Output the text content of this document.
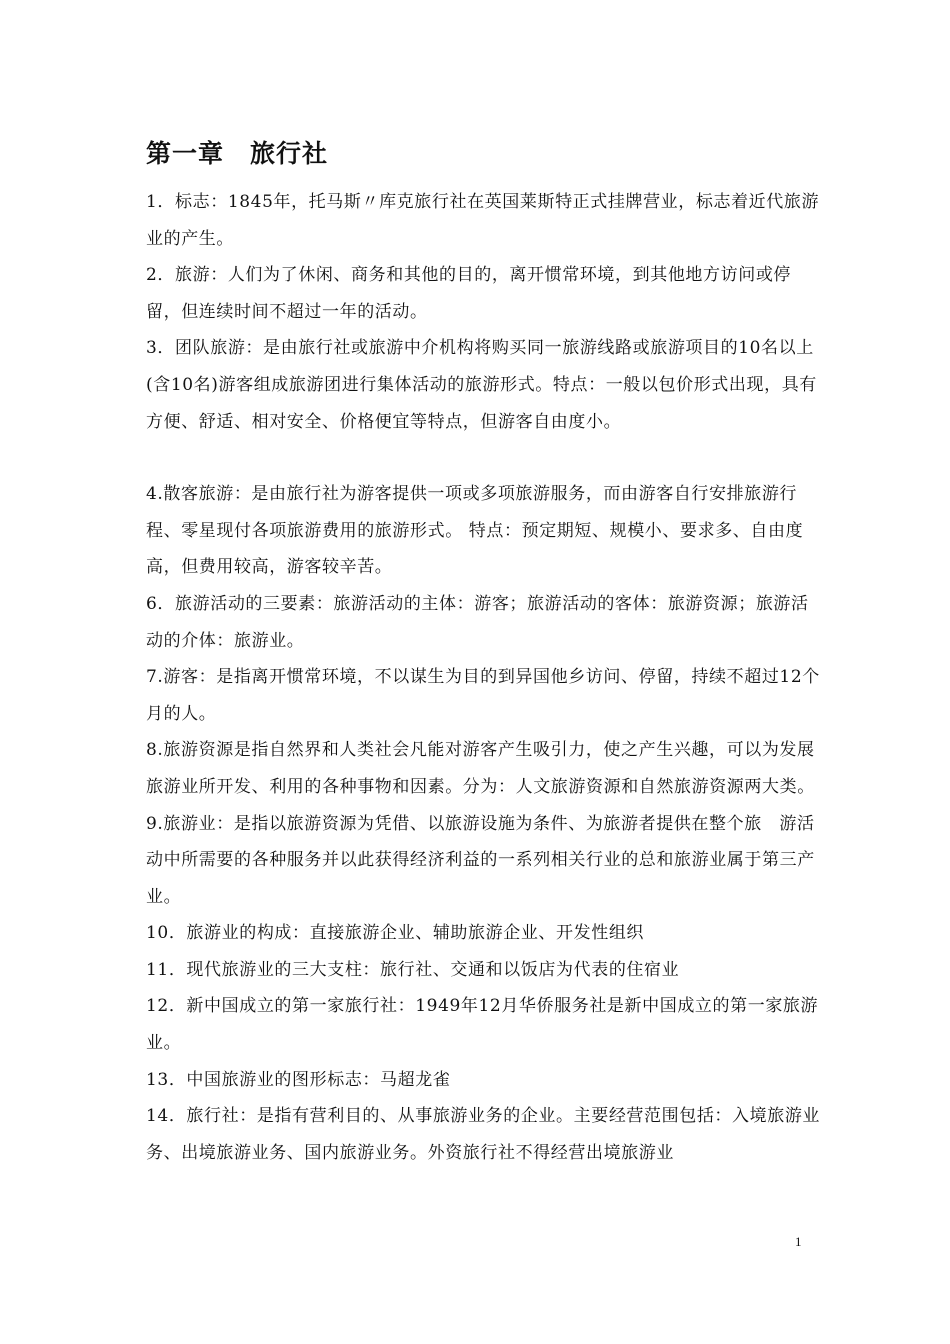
第一章　旅行社

1．标志：1845年，托马斯〃库克旅行社在英国莱斯特正式挂牌营业，标志着近代旅游业的产生。

2．旅游：人们为了休闲、商务和其他的目的，离开惯常环境，到其他地方访问或停留，但连续时间不超过一年的活动。

3．团队旅游：是由旅行社或旅游中介机构将购买同一旅游线路或旅游项目的10名以上(含10名)游客组成旅游团进行集体活动的旅游形式。特点：一般以包价形式出现，具有方便、舒适、相对安全、价格便宜等特点，但游客自由度小。

4.散客旅游：是由旅行社为游客提供一项或多项旅游服务，而由游客自行安排旅游行程、零星现付各项旅游费用的旅游形式。 特点：预定期短、规模小、要求多、自由度高，但费用较高，游客较辛苦。

6．旅游活动的三要素：旅游活动的主体：游客；旅游活动的客体：旅游资源；旅游活动的介体：旅游业。

7.游客：是指离开惯常环境，不以谋生为目的到异国他乡访问、停留，持续不超过12个月的人。

8.旅游资源是指自然界和人类社会凡能对游客产生吸引力，使之产生兴趣，可以为发展旅游业所开发、利用的各种事物和因素。分为：人文旅游资源和自然旅游资源两大类。

9.旅游业：是指以旅游资源为凭借、以旅游设施为条件、为旅游者提供在整个旅　游活动中所需要的各种服务并以此获得经济利益的一系列相关行业的总和旅游业属于第三产业。

10．旅游业的构成：直接旅游企业、辅助旅游企业、开发性组织

11．现代旅游业的三大支柱：旅行社、交通和以饭店为代表的住宿业

12．新中国成立的第一家旅行社：1949年12月华侨服务社是新中国成立的第一家旅游业。

13．中国旅游业的图形标志：马超龙雀

14．旅行社：是指有营利目的、从事旅游业务的企业。主要经营范围包括：入境旅游业务、出境旅游业务、国内旅游业务。外资旅行社不得经营出境旅游业

1
